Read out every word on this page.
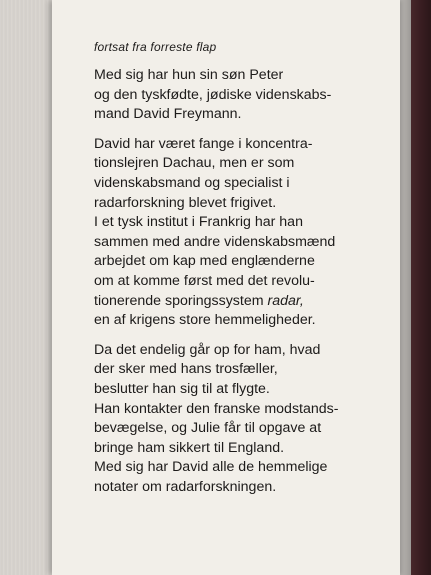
fortsat fra forreste flap

Med sig har hun sin søn Peter
og den tyskfødte, jødiske videnskabs-
mand David Freymann.

David har været fange i koncentra-
tionslejren Dachau, men er som
videnskabsmand og specialist i
radarforskning blevet frigivet.
I et tysk institut i Frankrig har han
sammen med andre videnskabsmænd
arbejdet om kap med englænderne
om at komme først med det revolu-
tionerende sporingssystem radar,
en af krigens store hemmeligheder.

Da det endelig går op for ham, hvad
der sker med hans trosfæller,
beslutter han sig til at flygte.
Han kontakter den franske modstands-
bevægelse, og Julie får til opgave at
bringe ham sikkert til England.
Med sig har David alle de hemmelige
notater om radarforskningen.
